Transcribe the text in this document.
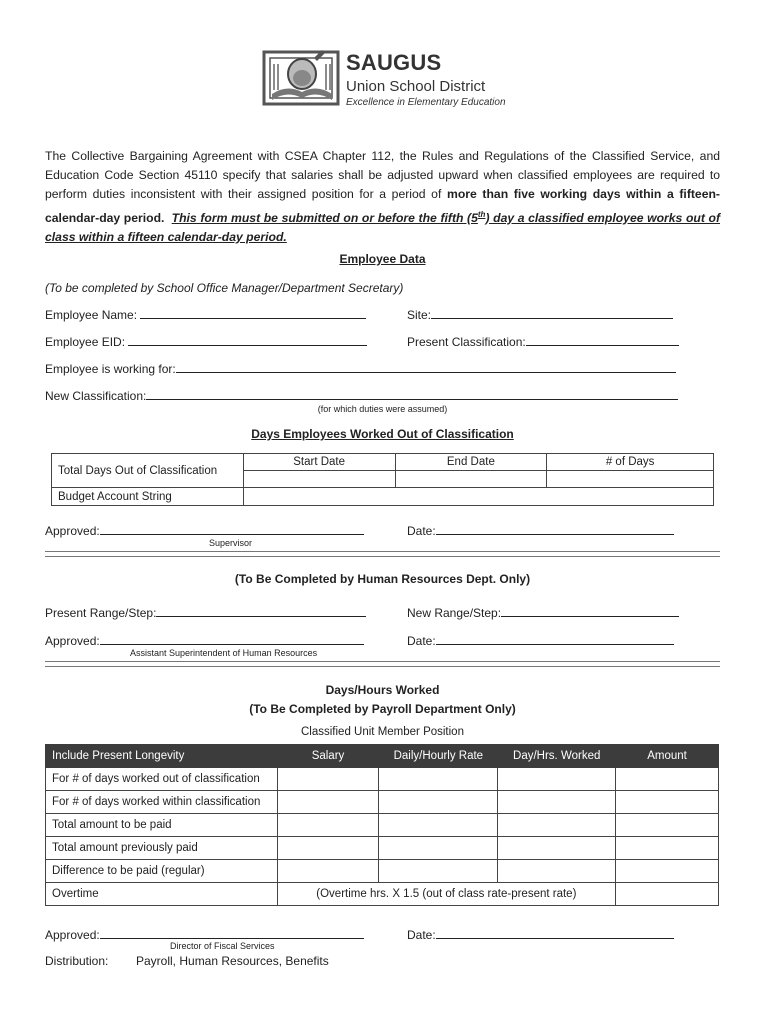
SAUGUS
Union School District
Excellence in Elementary Education
The Collective Bargaining Agreement with CSEA Chapter 112, the Rules and Regulations of the Classified Service, and Education Code Section 45110 specify that salaries shall be adjusted upward when classified employees are required to perform duties inconsistent with their assigned position for a period of more than five working days within a fifteen-calendar-day period. This form must be submitted on or before the fifth (5th) day a classified employee works out of class within a fifteen calendar-day period.
Employee Data
(To be completed by School Office Manager/Department Secretary)
Employee Name:	Site:
Employee EID:	Present Classification:
Employee is working for:
New Classification:
(for which duties were assumed)
Days Employees Worked Out of Classification
Total Days Out of Classification	Start Date	End Date	# of Days

Budget Account String			
Approved:	Date:
Supervisor
(To Be Completed by Human Resources Dept. Only)
Present Range/Step:	New Range/Step:
Approved:	Date:
Assistant Superintendent of Human Resources
Days/Hours Worked
(To Be Completed by Payroll Department Only)
Classified Unit Member Position
Include Present Longevity	Salary	Daily/Hourly Rate	Day/Hrs. Worked	Amount
For # of days worked out of classification				
For # of days worked within classification				
Total amount to be paid				
Total amount previously paid				
Difference to be paid (regular)				
Overtime	(Overtime hrs. X 1.5 (out of class rate-present rate)			
Approved:	Date:
Director of Fiscal Services
Distribution: Payroll, Human Resources, Benefits
